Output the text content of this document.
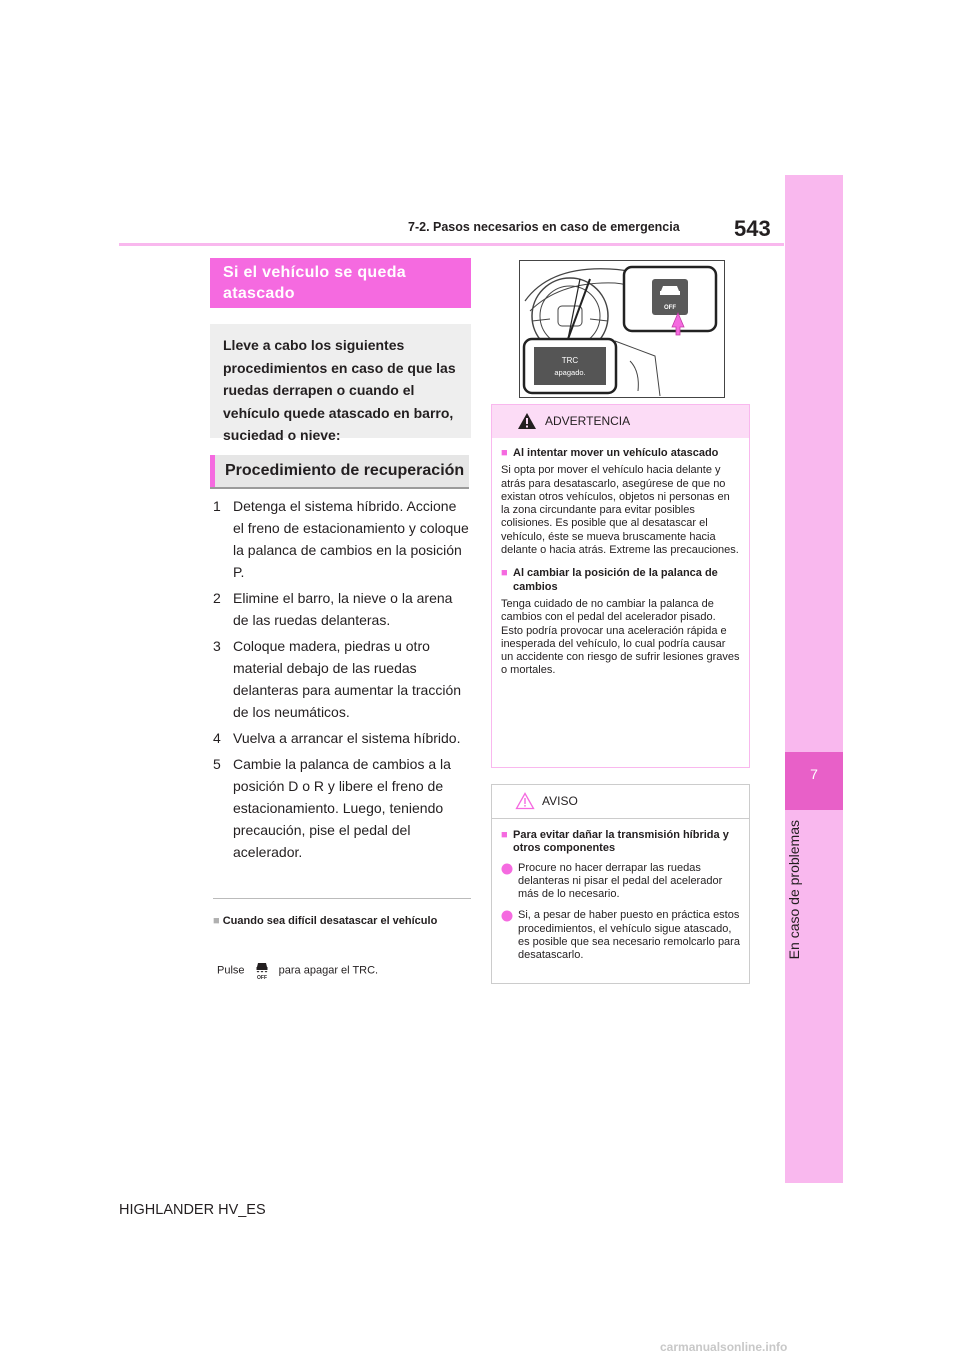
7
En caso de problemas
7-2. Pasos necesarios en caso de emergencia 543
Si el vehículo se queda atascado
Lleve a cabo los siguientes procedimientos en caso de que las ruedas derrapen o cuando el vehículo quede atascado en barro, suciedad o nieve:
Procedimiento de recuperación
1 Detenga el sistema híbrido. Accione el freno de estacionamiento y coloque la palanca de cambios en la posición P.
2 Elimine el barro, la nieve o la arena de las ruedas delanteras.
3 Coloque madera, piedras u otro material debajo de las ruedas delanteras para aumentar la tracción de los neumáticos.
4 Vuelva a arrancar el sistema híbrido.
5 Cambie la palanca de cambios a la posición D o R y libere el freno de estacionamiento. Luego, teniendo precaución, pise el pedal del acelerador.
■ Cuando sea difícil desatascar el vehículo
Pulse
OFF
para apagar el TRC.
OFF
TRC
apagado.
ADVERTENCIA
■ Al intentar mover un vehículo atascado
Si opta por mover el vehículo hacia delante y atrás para desatascarlo, asegúrese de que no existan otros vehículos, objetos ni personas en la zona circundante para evitar posibles colisiones. Es posible que al desatascar el vehículo, éste se mueva bruscamente hacia delante o hacia atrás. Extreme las precauciones.
■ Al cambiar la posición de la palanca de cambios
Tenga cuidado de no cambiar la palanca de cambios con el pedal del acelerador pisado. Esto podría provocar una aceleración rápida e inesperada del vehículo, lo cual podría causar un accidente con riesgo de sufrir lesiones graves o mortales.
AVISO
■ Para evitar dañar la transmisión híbrida y otros componentes
Procure no hacer derrapar las ruedas delanteras ni pisar el pedal del acelerador más de lo necesario.
Si, a pesar de haber puesto en práctica estos procedimientos, el vehículo sigue atascado, es posible que sea necesario remolcarlo para desatascarlo.
HIGHLANDER HV_ES
carmanualsonline.info
